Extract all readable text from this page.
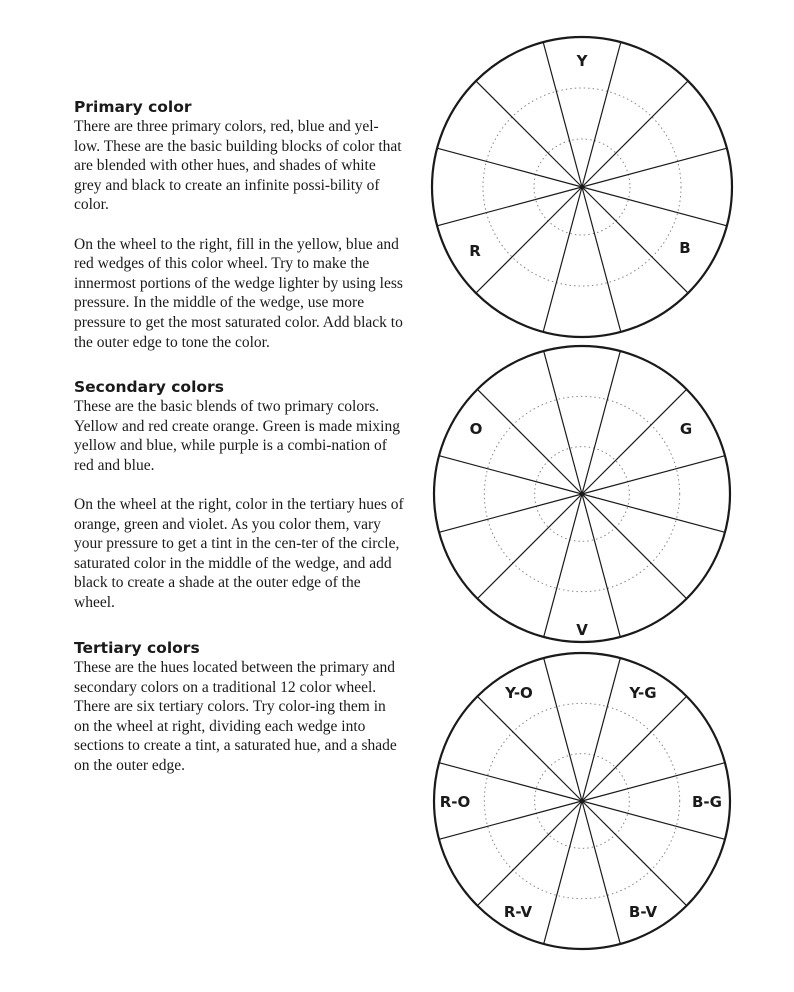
Primary color

There are three primary colors, red, blue and yel-low. These are the basic building blocks of color that are blended with other hues, and shades of white grey and black to create an infinite possi-bility of color.

On the wheel to the right, fill in the yellow, blue and red wedges of this color wheel. Try to make the innermost portions of the wedge lighter by using less pressure. In the middle of the wedge, use more pressure to get the most saturated color. Add black to the outer edge to tone the color.

Secondary colors

These are the basic blends of two primary colors. Yellow and red create orange. Green is made mixing yellow and blue, while purple is a combi-nation of red and blue.

On the wheel at the right, color in the tertiary hues of orange, green and violet. As you color them, vary your pressure to get a tint in the cen-ter of the circle, saturated color in the middle of the wedge, and add black to create a shade at the outer edge of the wheel.

Tertiary colors

These are the hues located between the primary and secondary colors on a traditional 12 color wheel. There are six tertiary colors. Try color-ing them in on the wheel at right, dividing each wedge into sections to create a tint, a saturated hue, and a shade on the outer edge.

Y
B
R
O	G
V
Y-O	Y-G
R-O	B-G
R-V	B-V
